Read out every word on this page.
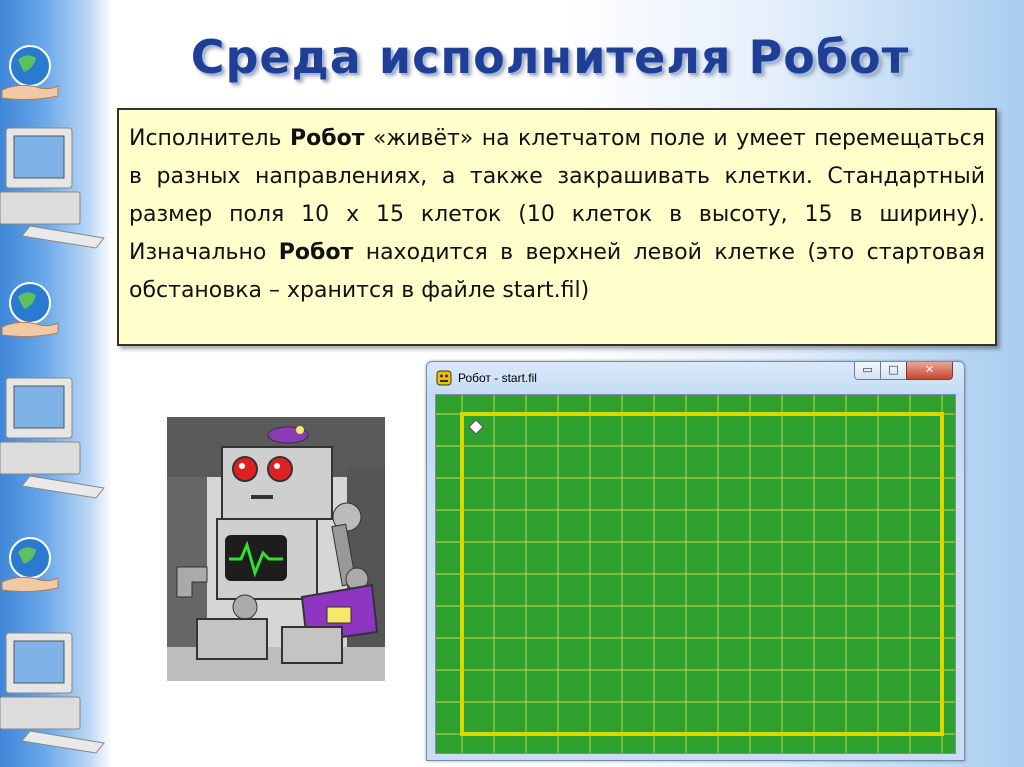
Среда исполнителя Робот
Исполнитель Робот «живёт» на клетчатом поле и умеет перемещаться в разных направлениях, а также закрашивать клетки. Стандартный размер поля 10 х 15 клеток (10 клеток в высоту, 15 в ширину). Изначально Робот находится в верхней левой клетке (это стартовая обстановка – хранится в файле start.fil)
Робот - start.fil
▭	□	✕
